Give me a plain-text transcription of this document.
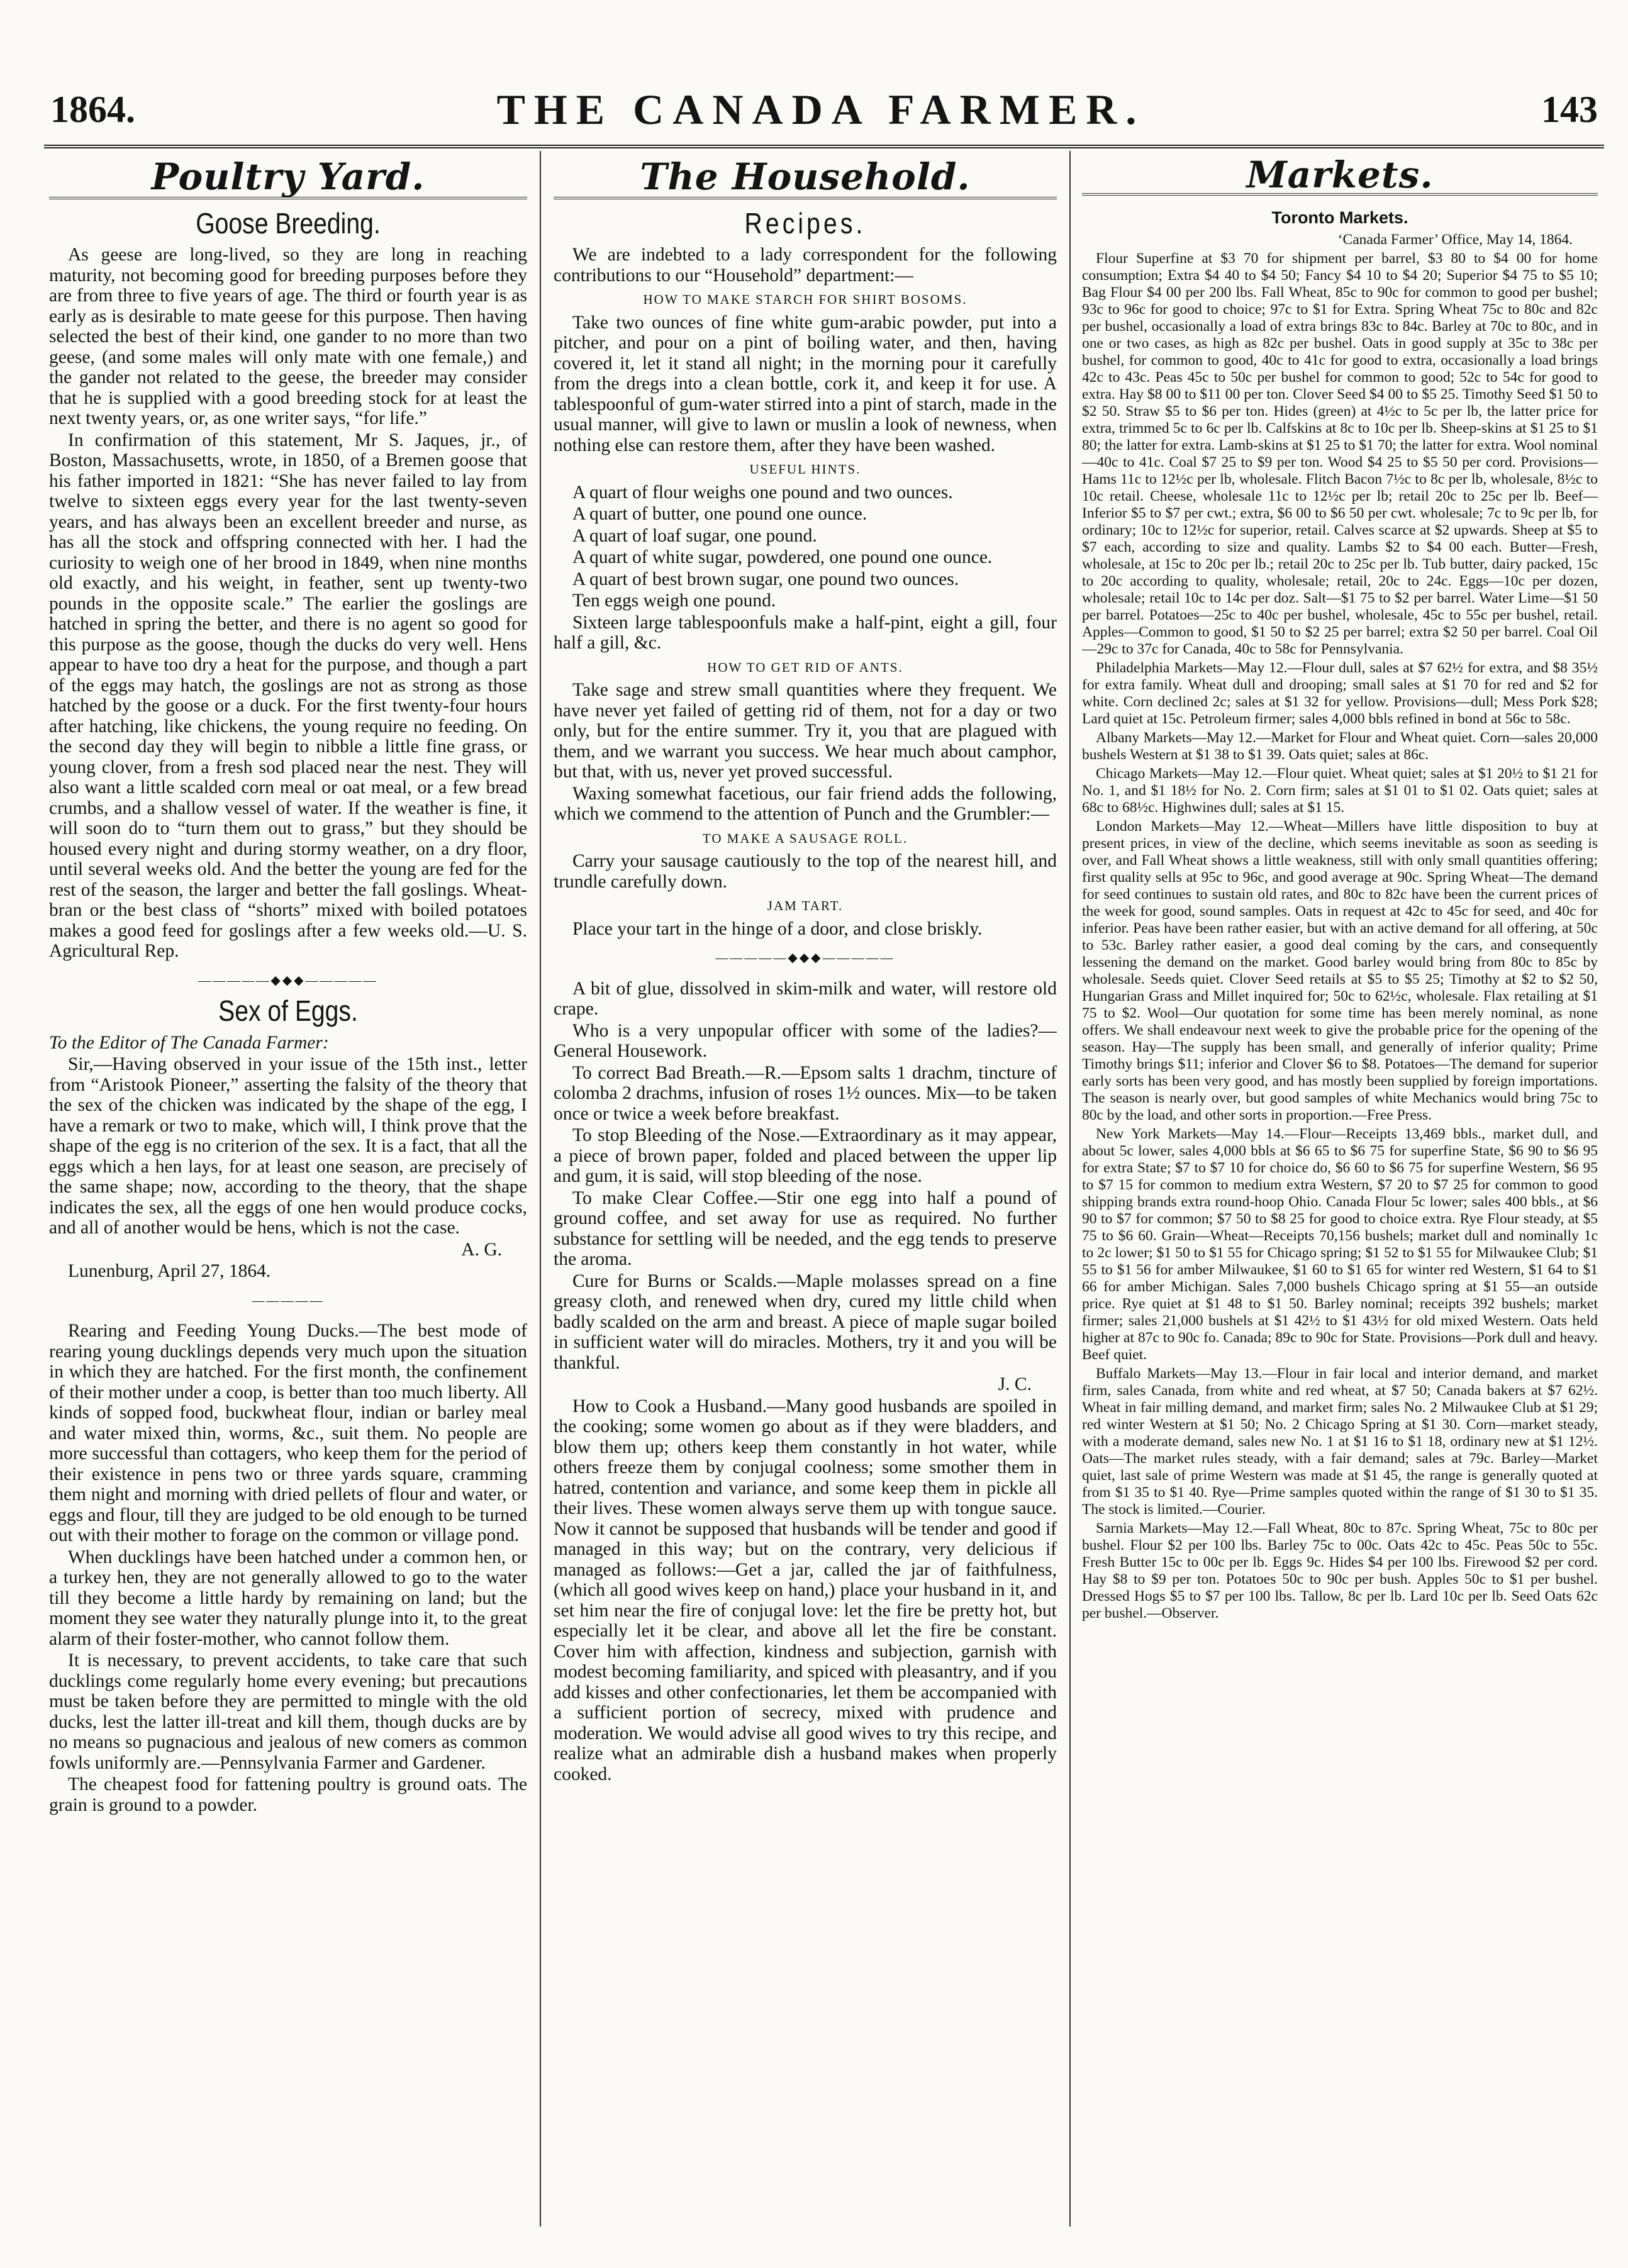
1864.	THE CANADA FARMER.	143
Poultry Yard.
Goose Breeding.

As geese are long-lived, so they are long in reaching maturity, not becoming good for breeding purposes before they are from three to five years of age. The third or fourth year is as early as is desirable to mate geese for this purpose. Then having selected the best of their kind, one gander to no more than two geese, (and some males will only mate with one female,) and the gander not related to the geese, the breeder may consider that he is supplied with a good breeding stock for at least the next twenty years, or, as one writer says, “for life.”

In confirmation of this statement, Mr S. Jaques, jr., of Boston, Massachusetts, wrote, in 1850, of a Bremen goose that his father imported in 1821: “She has never failed to lay from twelve to sixteen eggs every year for the last twenty-seven years, and has always been an excellent breeder and nurse, as has all the stock and offspring connected with her. I had the curiosity to weigh one of her brood in 1849, when nine months old exactly, and his weight, in feather, sent up twenty-two pounds in the opposite scale.” The earlier the goslings are hatched in spring the better, and there is no agent so good for this purpose as the goose, though the ducks do very well. Hens appear to have too dry a heat for the purpose, and though a part of the eggs may hatch, the goslings are not as strong as those hatched by the goose or a duck. For the first twenty-four hours after hatching, like chickens, the young require no feeding. On the second day they will begin to nibble a little fine grass, or young clover, from a fresh sod placed near the nest. They will also want a little scalded corn meal or oat meal, or a few bread crumbs, and a shallow vessel of water. If the weather is fine, it will soon do to “turn them out to grass,” but they should be housed every night and during stormy weather, on a dry floor, until several weeks old. And the better the young are fed for the rest of the season, the larger and better the fall goslings. Wheat-bran or the best class of “shorts” mixed with boiled potatoes makes a good feed for goslings after a few weeks old.—U. S. Agricultural Rep.

—————◆◆◆—————
Sex of Eggs.

To the Editor of The Canada Farmer:

Sir,—Having observed in your issue of the 15th inst., letter from “Aristook Pioneer,” asserting the falsity of the theory that the sex of the chicken was indicated by the shape of the egg, I have a remark or two to make, which will, I think prove that the shape of the egg is no criterion of the sex. It is a fact, that all the eggs which a hen lays, for at least one season, are precisely of the same shape; now, according to the theory, that the shape indicates the sex, all the eggs of one hen would produce cocks, and all of another would be hens, which is not the case.

A. G.

Lunenburg, April 27, 1864.

—————

Rearing and Feeding Young Ducks.—The best mode of rearing young ducklings depends very much upon the situation in which they are hatched. For the first month, the confinement of their mother under a coop, is better than too much liberty. All kinds of sopped food, buckwheat flour, indian or barley meal and water mixed thin, worms, &c., suit them. No people are more successful than cottagers, who keep them for the period of their existence in pens two or three yards square, cramming them night and morning with dried pellets of flour and water, or eggs and flour, till they are judged to be old enough to be turned out with their mother to forage on the common or village pond.

When ducklings have been hatched under a common hen, or a turkey hen, they are not generally allowed to go to the water till they become a little hardy by remaining on land; but the moment they see water they naturally plunge into it, to the great alarm of their foster-mother, who cannot follow them.

It is necessary, to prevent accidents, to take care that such ducklings come regularly home every evening; but precautions must be taken before they are permitted to mingle with the old ducks, lest the latter ill-treat and kill them, though ducks are by no means so pugnacious and jealous of new comers as common fowls uniformly are.—Pennsylvania Farmer and Gardener.

The cheapest food for fattening poultry is ground oats. The grain is ground to a powder.

The Household.
Recipes.

We are indebted to a lady correspondent for the following contributions to our “Household” department:—

HOW TO MAKE STARCH FOR SHIRT BOSOMS.

Take two ounces of fine white gum-arabic powder, put into a pitcher, and pour on a pint of boiling water, and then, having covered it, let it stand all night; in the morning pour it carefully from the dregs into a clean bottle, cork it, and keep it for use. A tablespoonful of gum-water stirred into a pint of starch, made in the usual manner, will give to lawn or muslin a look of newness, when nothing else can restore them, after they have been washed.

USEFUL HINTS.

A quart of flour weighs one pound and two ounces.

A quart of butter, one pound one ounce.

A quart of loaf sugar, one pound.

A quart of white sugar, powdered, one pound one ounce.

A quart of best brown sugar, one pound two ounces.

Ten eggs weigh one pound.

Sixteen large tablespoonfuls make a half-pint, eight a gill, four half a gill, &c.

HOW TO GET RID OF ANTS.

Take sage and strew small quantities where they frequent. We have never yet failed of getting rid of them, not for a day or two only, but for the entire summer. Try it, you that are plagued with them, and we warrant you success. We hear much about camphor, but that, with us, never yet proved successful.

Waxing somewhat facetious, our fair friend adds the following, which we commend to the attention of Punch and the Grumbler:—

TO MAKE A SAUSAGE ROLL.

Carry your sausage cautiously to the top of the nearest hill, and trundle carefully down.

JAM TART.

Place your tart in the hinge of a door, and close briskly.

—————◆◆◆—————

A bit of glue, dissolved in skim-milk and water, will restore old crape.

Who is a very unpopular officer with some of the ladies?—General Housework.

To correct Bad Breath.—R.—Epsom salts 1 drachm, tincture of colomba 2 drachms, infusion of roses 1½ ounces. Mix—to be taken once or twice a week before breakfast.

To stop Bleeding of the Nose.—Extraordinary as it may appear, a piece of brown paper, folded and placed between the upper lip and gum, it is said, will stop bleeding of the nose.

To make Clear Coffee.—Stir one egg into half a pound of ground coffee, and set away for use as required. No further substance for settling will be needed, and the egg tends to preserve the aroma.

Cure for Burns or Scalds.—Maple molasses spread on a fine greasy cloth, and renewed when dry, cured my little child when badly scalded on the arm and breast. A piece of maple sugar boiled in sufficient water will do miracles. Mothers, try it and you will be thankful.

J. C.

How to Cook a Husband.—Many good husbands are spoiled in the cooking; some women go about as if they were bladders, and blow them up; others keep them constantly in hot water, while others freeze them by conjugal coolness; some smother them in hatred, contention and variance, and some keep them in pickle all their lives. These women always serve them up with tongue sauce. Now it cannot be supposed that husbands will be tender and good if managed in this way; but on the contrary, very delicious if managed as follows:—Get a jar, called the jar of faithfulness, (which all good wives keep on hand,) place your husband in it, and set him near the fire of conjugal love: let the fire be pretty hot, but especially let it be clear, and above all let the fire be constant. Cover him with affection, kindness and subjection, garnish with modest becoming familiarity, and spiced with pleasantry, and if you add kisses and other confectionaries, let them be accompanied with a sufficient portion of secrecy, mixed with prudence and moderation. We would advise all good wives to try this recipe, and realize what an admirable dish a husband makes when properly cooked.

Markets.
Toronto Markets.

‘Canada Farmer’ Office, May 14, 1864.

Flour Superfine at $3 70 for shipment per barrel, $3 80 to $4 00 for home consumption; Extra $4 40 to $4 50; Fancy $4 10 to $4 20; Superior $4 75 to $5 10; Bag Flour $4 00 per 200 lbs. Fall Wheat, 85c to 90c for common to good per bushel; 93c to 96c for good to choice; 97c to $1 for Extra. Spring Wheat 75c to 80c and 82c per bushel, occasionally a load of extra brings 83c to 84c. Barley at 70c to 80c, and in one or two cases, as high as 82c per bushel. Oats in good supply at 35c to 38c per bushel, for common to good, 40c to 41c for good to extra, occasionally a load brings 42c to 43c. Peas 45c to 50c per bushel for common to good; 52c to 54c for good to extra. Hay $8 00 to $11 00 per ton. Clover Seed $4 00 to $5 25. Timothy Seed $1 50 to $2 50. Straw $5 to $6 per ton. Hides (green) at 4½c to 5c per lb, the latter price for extra, trimmed 5c to 6c per lb. Calfskins at 8c to 10c per lb. Sheep-skins at $1 25 to $1 80; the latter for extra. Lamb-skins at $1 25 to $1 70; the latter for extra. Wool nominal—40c to 41c. Coal $7 25 to $9 per ton. Wood $4 25 to $5 50 per cord. Provisions—Hams 11c to 12½c per lb, wholesale. Flitch Bacon 7½c to 8c per lb, wholesale, 8½c to 10c retail. Cheese, wholesale 11c to 12½c per lb; retail 20c to 25c per lb. Beef—Inferior $5 to $7 per cwt.; extra, $6 00 to $6 50 per cwt. wholesale; 7c to 9c per lb, for ordinary; 10c to 12½c for superior, retail. Calves scarce at $2 upwards. Sheep at $5 to $7 each, according to size and quality. Lambs $2 to $4 00 each. Butter—Fresh, wholesale, at 15c to 20c per lb.; retail 20c to 25c per lb. Tub butter, dairy packed, 15c to 20c according to quality, wholesale; retail, 20c to 24c. Eggs—10c per dozen, wholesale; retail 10c to 14c per doz. Salt—$1 75 to $2 per barrel. Water Lime—$1 50 per barrel. Potatoes—25c to 40c per bushel, wholesale, 45c to 55c per bushel, retail. Apples—Common to good, $1 50 to $2 25 per barrel; extra $2 50 per barrel. Coal Oil—29c to 37c for Canada, 40c to 58c for Pennsylvania.

Philadelphia Markets—May 12.—Flour dull, sales at $7 62½ for extra, and $8 35½ for extra family. Wheat dull and drooping; small sales at $1 70 for red and $2 for white. Corn declined 2c; sales at $1 32 for yellow. Provisions—dull; Mess Pork $28; Lard quiet at 15c. Petroleum firmer; sales 4,000 bbls refined in bond at 56c to 58c.

Albany Markets—May 12.—Market for Flour and Wheat quiet. Corn—sales 20,000 bushels Western at $1 38 to $1 39. Oats quiet; sales at 86c.

Chicago Markets—May 12.—Flour quiet. Wheat quiet; sales at $1 20½ to $1 21 for No. 1, and $1 18½ for No. 2. Corn firm; sales at $1 01 to $1 02. Oats quiet; sales at 68c to 68½c. Highwines dull; sales at $1 15.

London Markets—May 12.—Wheat—Millers have little disposition to buy at present prices, in view of the decline, which seems inevitable as soon as seeding is over, and Fall Wheat shows a little weakness, still with only small quantities offering; first quality sells at 95c to 96c, and good average at 90c. Spring Wheat—The demand for seed continues to sustain old rates, and 80c to 82c have been the current prices of the week for good, sound samples. Oats in request at 42c to 45c for seed, and 40c for inferior. Peas have been rather easier, but with an active demand for all offering, at 50c to 53c. Barley rather easier, a good deal coming by the cars, and consequently lessening the demand on the market. Good barley would bring from 80c to 85c by wholesale. Seeds quiet. Clover Seed retails at $5 to $5 25; Timothy at $2 to $2 50, Hungarian Grass and Millet inquired for; 50c to 62½c, wholesale. Flax retailing at $1 75 to $2. Wool—Our quotation for some time has been merely nominal, as none offers. We shall endeavour next week to give the probable price for the opening of the season. Hay—The supply has been small, and generally of inferior quality; Prime Timothy brings $11; inferior and Clover $6 to $8. Potatoes—The demand for superior early sorts has been very good, and has mostly been supplied by foreign importations. The season is nearly over, but good samples of white Mechanics would bring 75c to 80c by the load, and other sorts in proportion.—Free Press.

New York Markets—May 14.—Flour—Receipts 13,469 bbls., market dull, and about 5c lower, sales 4,000 bbls at $6 65 to $6 75 for superfine State, $6 90 to $6 95 for extra State; $7 to $7 10 for choice do, $6 60 to $6 75 for superfine Western, $6 95 to $7 15 for common to medium extra Western, $7 20 to $7 25 for common to good shipping brands extra round-hoop Ohio. Canada Flour 5c lower; sales 400 bbls., at $6 90 to $7 for common; $7 50 to $8 25 for good to choice extra. Rye Flour steady, at $5 75 to $6 60. Grain—Wheat—Receipts 70,156 bushels; market dull and nominally 1c to 2c lower; $1 50 to $1 55 for Chicago spring; $1 52 to $1 55 for Milwaukee Club; $1 55 to $1 56 for amber Milwaukee, $1 60 to $1 65 for winter red Western, $1 64 to $1 66 for amber Michigan. Sales 7,000 bushels Chicago spring at $1 55—an outside price. Rye quiet at $1 48 to $1 50. Barley nominal; receipts 392 bushels; market firmer; sales 21,000 bushels at $1 42½ to $1 43½ for old mixed Western. Oats held higher at 87c to 90c fo. Canada; 89c to 90c for State. Provisions—Pork dull and heavy. Beef quiet.

Buffalo Markets—May 13.—Flour in fair local and interior demand, and market firm, sales Canada, from white and red wheat, at $7 50; Canada bakers at $7 62½. Wheat in fair milling demand, and market firm; sales No. 2 Milwaukee Club at $1 29; red winter Western at $1 50; No. 2 Chicago Spring at $1 30. Corn—market steady, with a moderate demand, sales new No. 1 at $1 16 to $1 18, ordinary new at $1 12½. Oats—The market rules steady, with a fair demand; sales at 79c. Barley—Market quiet, last sale of prime Western was made at $1 45, the range is generally quoted at from $1 35 to $1 40. Rye—Prime samples quoted within the range of $1 30 to $1 35. The stock is limited.—Courier.

Sarnia Markets—May 12.—Fall Wheat, 80c to 87c. Spring Wheat, 75c to 80c per bushel. Flour $2 per 100 lbs. Barley 75c to 00c. Oats 42c to 45c. Peas 50c to 55c. Fresh Butter 15c to 00c per lb. Eggs 9c. Hides $4 per 100 lbs. Firewood $2 per cord. Hay $8 to $9 per ton. Potatoes 50c to 90c per bush. Apples 50c to $1 per bushel. Dressed Hogs $5 to $7 per 100 lbs. Tallow, 8c per lb. Lard 10c per lb. Seed Oats 62c per bushel.—Observer.
